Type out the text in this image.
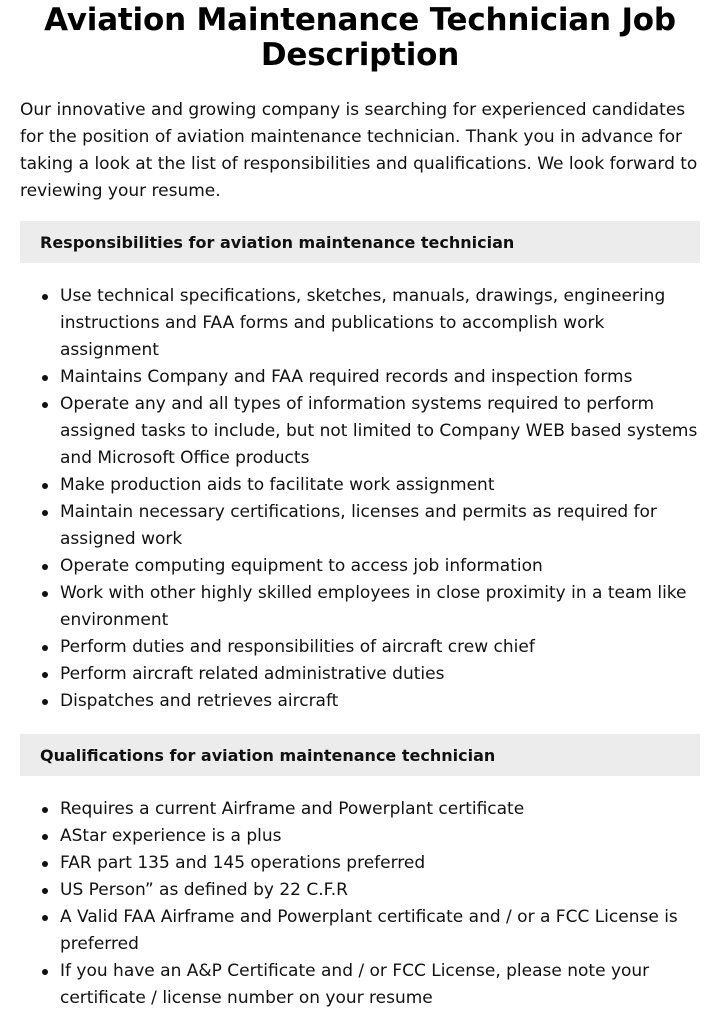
Aviation Maintenance Technician Job Description

Our innovative and growing company is searching for experienced candidates for the position of aviation maintenance technician. Thank you in advance for taking a look at the list of responsibilities and qualifications. We look forward to reviewing your resume.

Responsibilities for aviation maintenance technician
Use technical specifications, sketches, manuals, drawings, engineering instructions and FAA forms and publications to accomplish work assignment
Maintains Company and FAA required records and inspection forms
Operate any and all types of information systems required to perform assigned tasks to include, but not limited to Company WEB based systems and Microsoft Office products
Make production aids to facilitate work assignment
Maintain necessary certifications, licenses and permits as required for assigned work
Operate computing equipment to access job information
Work with other highly skilled employees in close proximity in a team like environment
Perform duties and responsibilities of aircraft crew chief
Perform aircraft related administrative duties
Dispatches and retrieves aircraft
Qualifications for aviation maintenance technician
Requires a current Airframe and Powerplant certificate
AStar experience is a plus
FAR part 135 and 145 operations preferred
US Person” as defined by 22 C.F.R
A Valid FAA Airframe and Powerplant certificate and / or a FCC License is preferred
If you have an A&P Certificate and / or FCC License, please note your certificate / license number on your resume
